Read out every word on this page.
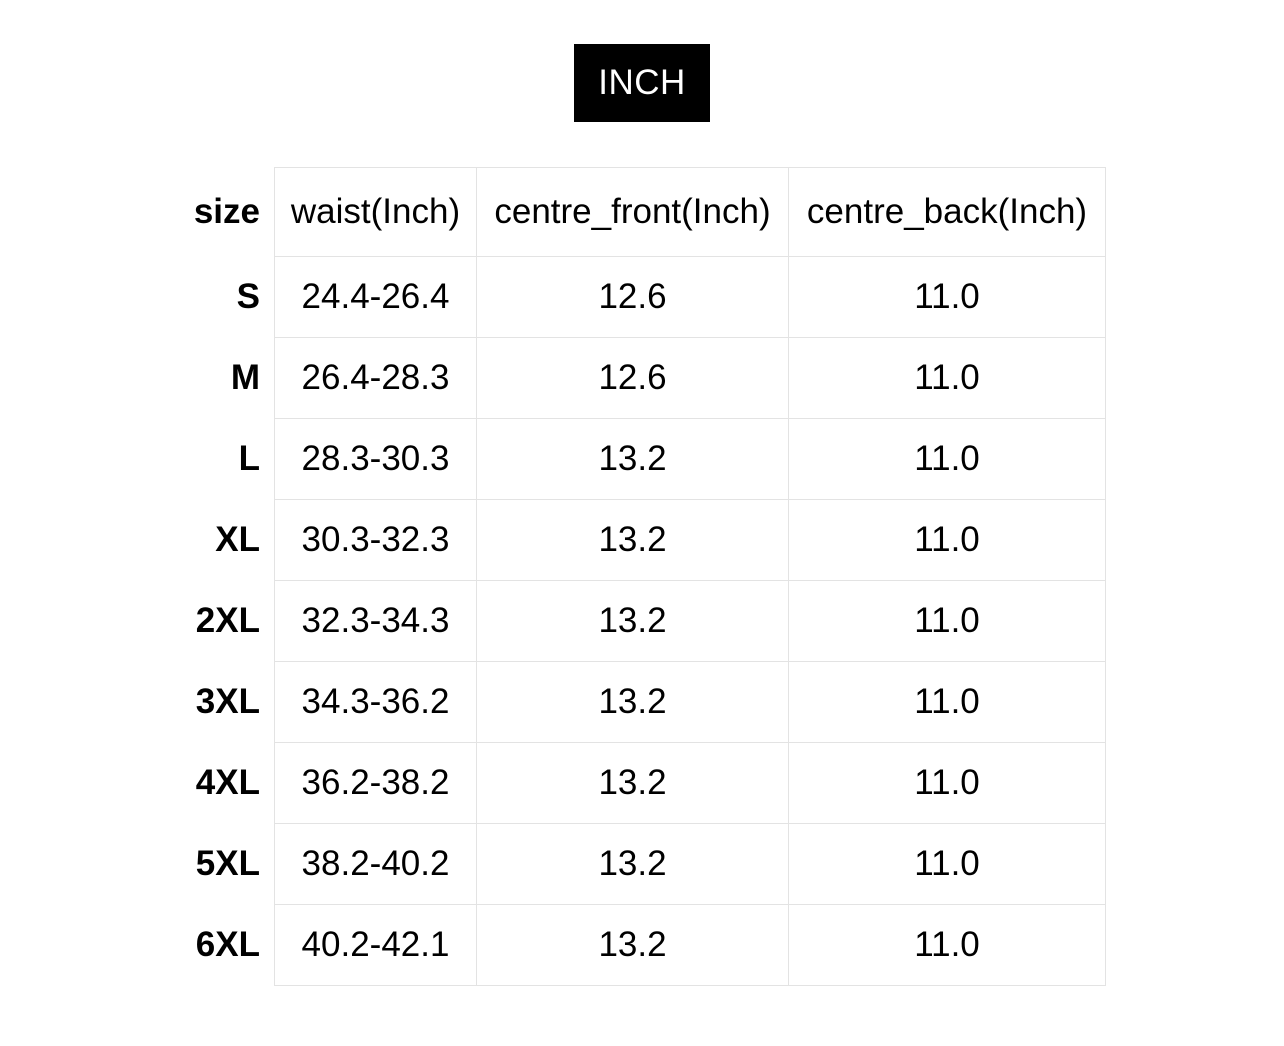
INCH
size	waist(Inch)	centre_front(Inch)	centre_back(Inch)
S	24.4-26.4	12.6	11.0
M	26.4-28.3	12.6	11.0
L	28.3-30.3	13.2	11.0
XL	30.3-32.3	13.2	11.0
2XL	32.3-34.3	13.2	11.0
3XL	34.3-36.2	13.2	11.0
4XL	36.2-38.2	13.2	11.0
5XL	38.2-40.2	13.2	11.0
6XL	40.2-42.1	13.2	11.0
